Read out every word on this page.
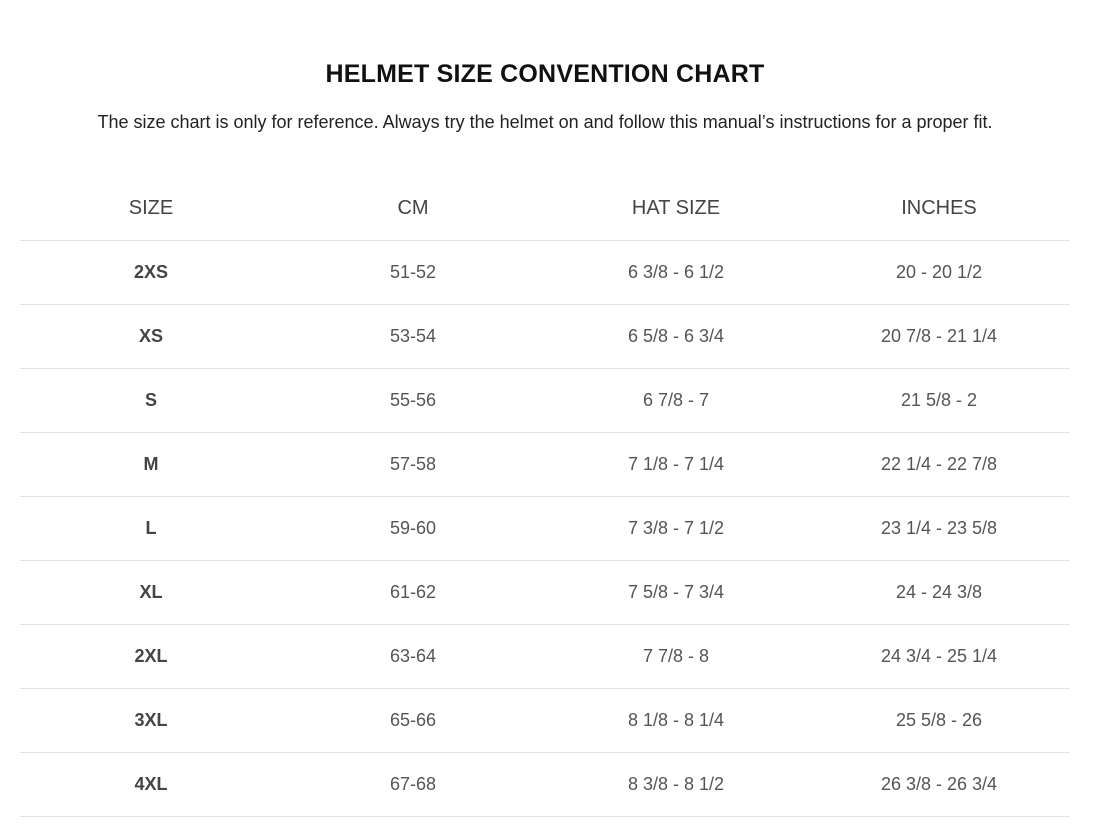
HELMET SIZE CONVENTION CHART

The size chart is only for reference. Always try the helmet on and follow this manual’s instructions for a proper fit.

SIZE	CM	HAT SIZE	INCHES
2XS	51-52	6 3/8 - 6 1/2	20 - 20 1/2
XS	53-54	6 5/8 - 6 3/4	20 7/8 - 21 1/4
S	55-56	6 7/8 - 7	21 5/8 - 2
M	57-58	7 1/8 - 7 1/4	22 1/4 - 22 7/8
L	59-60	7 3/8 - 7 1/2	23 1/4 - 23 5/8
XL	61-62	7 5/8 - 7 3/4	24 - 24 3/8
2XL	63-64	7 7/8 - 8	24 3/4 - 25 1/4
3XL	65-66	8 1/8 - 8 1/4	25 5/8 - 26
4XL	67-68	8 3/8 - 8 1/2	26 3/8 - 26 3/4
